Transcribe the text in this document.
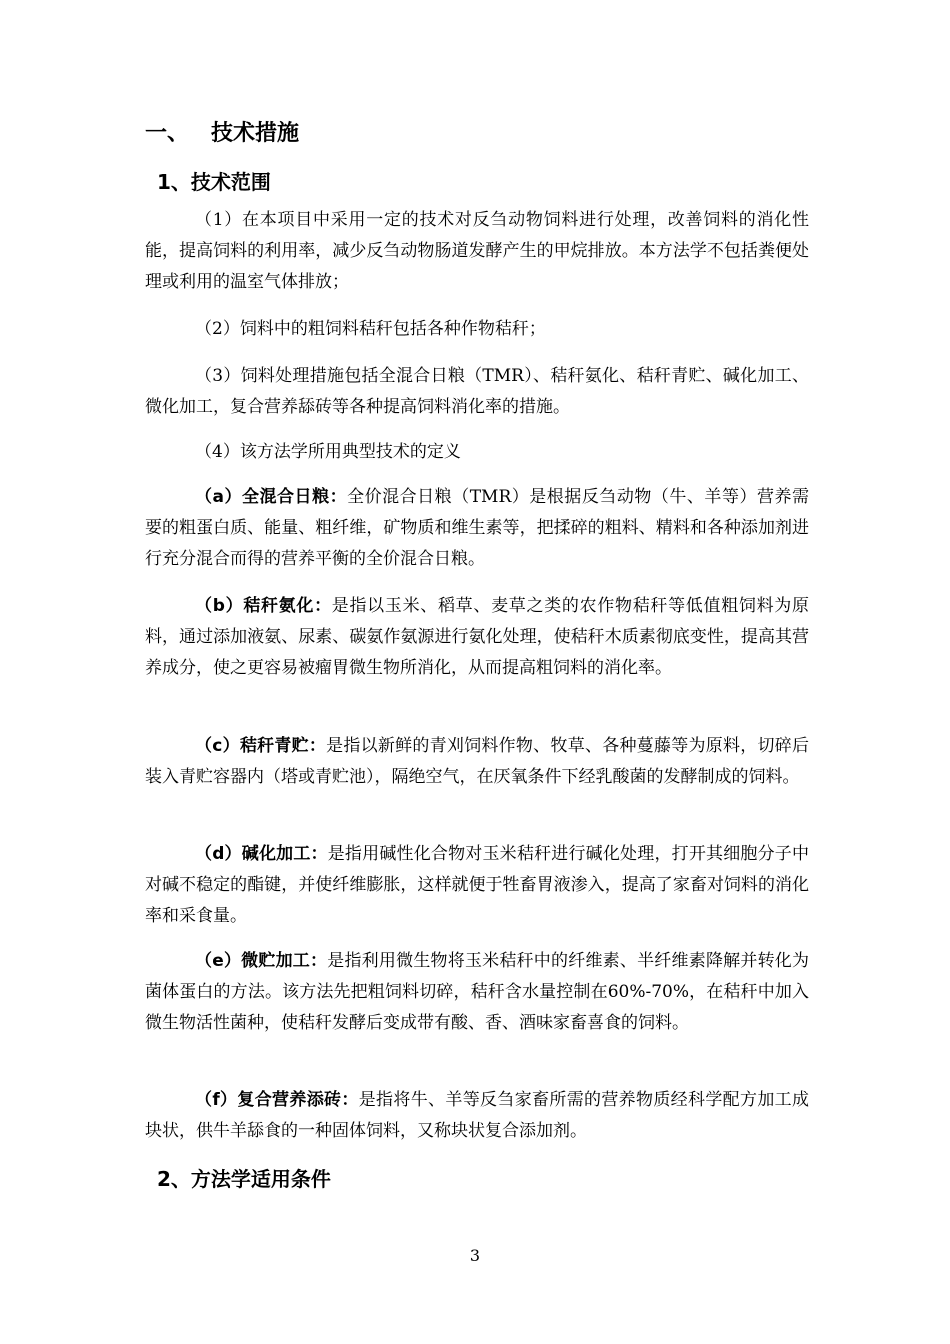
一、 技术措施
1、技术范围

（1）在本项目中采用一定的技术对反刍动物饲料进行处理，改善饲料的消化性能，提高饲料的利用率，减少反刍动物肠道发酵产生的甲烷排放。本方法学不包括粪便处理或利用的温室气体排放；

（2）饲料中的粗饲料秸秆包括各种作物秸秆；

（3）饲料处理措施包括全混合日粮（TMR）、秸秆氨化、秸秆青贮、碱化加工、微化加工，复合营养舔砖等各种提高饲料消化率的措施。

（4）该方法学所用典型技术的定义

（a）全混合日粮：全价混合日粮（TMR）是根据反刍动物（牛、羊等）营养需要的粗蛋白质、能量、粗纤维，矿物质和维生素等，把揉碎的粗料、精料和各种添加剂进行充分混合而得的营养平衡的全价混合日粮。

（b）秸秆氨化：是指以玉米、稻草、麦草之类的农作物秸秆等低值粗饲料为原料，通过添加液氨、尿素、碳氨作氨源进行氨化处理，使秸秆木质素彻底变性，提高其营养成分，使之更容易被瘤胃微生物所消化，从而提高粗饲料的消化率。

（c）秸秆青贮：是指以新鲜的青刈饲料作物、牧草、各种蔓藤等为原料，切碎后装入青贮容器内（塔或青贮池），隔绝空气，在厌氧条件下经乳酸菌的发酵制成的饲料。

（d）碱化加工：是指用碱性化合物对玉米秸秆进行碱化处理，打开其细胞分子中对碱不稳定的酯键，并使纤维膨胀，这样就便于牲畜胃液渗入，提高了家畜对饲料的消化率和采食量。

（e）微贮加工：是指利用微生物将玉米秸秆中的纤维素、半纤维素降解并转化为菌体蛋白的方法。该方法先把粗饲料切碎，秸秆含水量控制在60%-70%，在秸秆中加入微生物活性菌种，使秸秆发酵后变成带有酸、香、酒味家畜喜食的饲料。

（f）复合营养添砖：是指将牛、羊等反刍家畜所需的营养物质经科学配方加工成块状，供牛羊舔食的一种固体饲料，又称块状复合添加剂。

2、方法学适用条件
3
